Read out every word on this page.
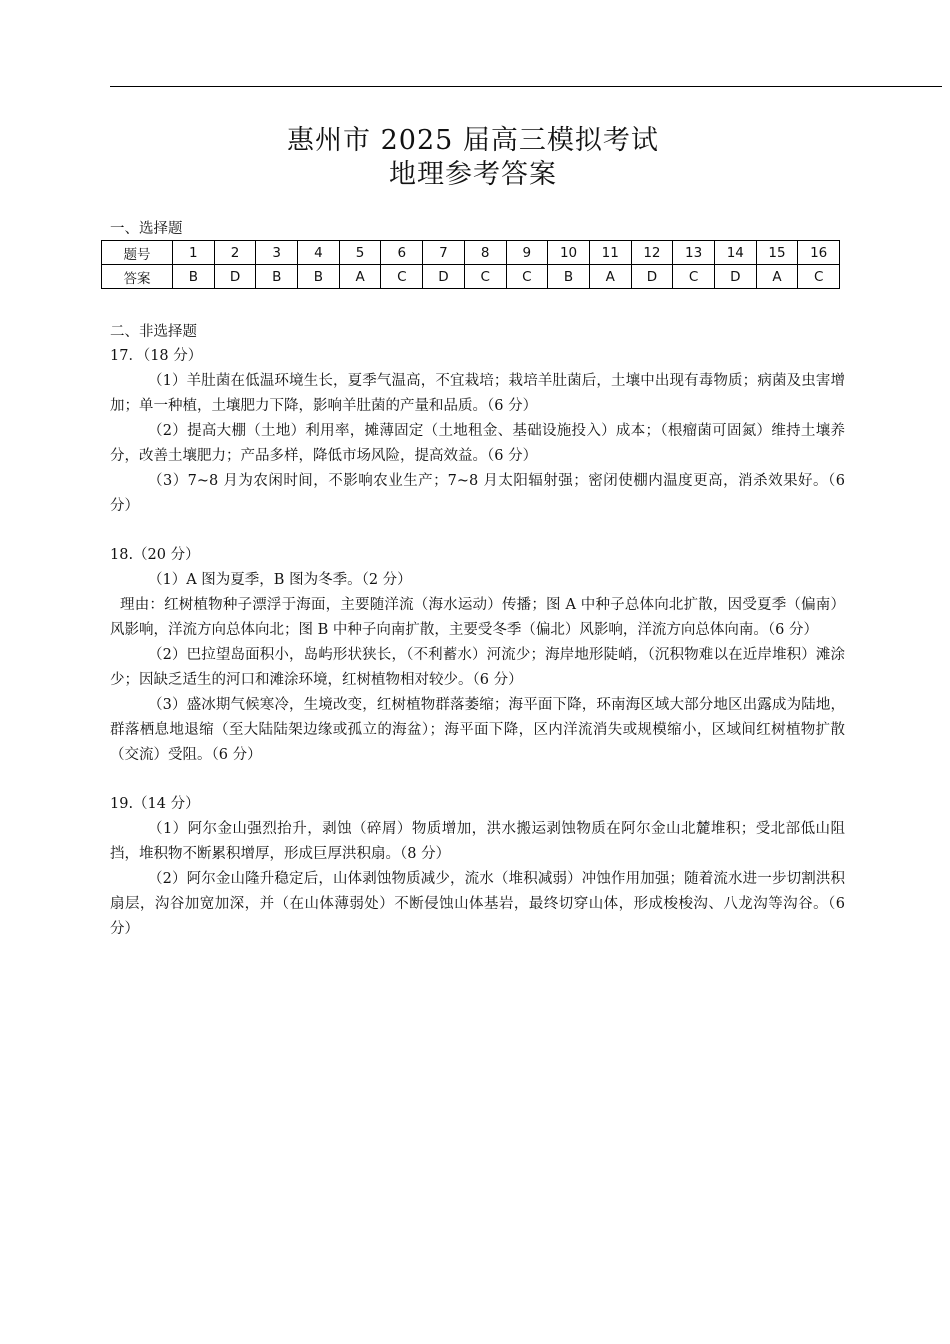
惠州市 2025 届高三模拟考试
地理参考答案
一、选择题
题号	1	2	3	4	5	6	7	8	9	10	11	12	13	14	15	16
答案	B	D	B	B	A	C	D	C	C	B	A	D	C	D	A	C
二、非选择题

17．（18 分）

（1）羊肚菌在低温环境生长，夏季气温高，不宜栽培；栽培羊肚菌后，土壤中出现有毒物质；病菌及虫害增加；单一种植，土壤肥力下降，影响羊肚菌的产量和品质。（6 分）

（2）提高大棚（土地）利用率，摊薄固定（土地租金、基础设施投入）成本；（根瘤菌可固氮）维持土壤养分，改善土壤肥力；产品多样，降低市场风险，提高效益。（6 分）

（3）7~8 月为农闲时间，不影响农业生产；7~8 月太阳辐射强；密闭使棚内温度更高，消杀效果好。（6 分）

18.（20 分）

（1）A 图为夏季，B 图为冬季。（2 分）

理由：红树植物种子漂浮于海面，主要随洋流（海水运动）传播；图 A 中种子总体向北扩散，因受夏季（偏南）风影响，洋流方向总体向北；图 B 中种子向南扩散，主要受冬季（偏北）风影响，洋流方向总体向南。（6 分）

（2）巴拉望岛面积小，岛屿形状狭长，（不利蓄水）河流少；海岸地形陡峭，（沉积物难以在近岸堆积）滩涂少；因缺乏适生的河口和滩涂环境，红树植物相对较少。（6 分）

（3）盛冰期气候寒冷，生境改变，红树植物群落萎缩；海平面下降，环南海区域大部分地区出露成为陆地，群落栖息地退缩（至大陆陆架边缘或孤立的海盆）；海平面下降，区内洋流消失或规模缩小，区域间红树植物扩散（交流）受阻。（6 分）

19.（14 分）

（1）阿尔金山强烈抬升，剥蚀（碎屑）物质增加，洪水搬运剥蚀物质在阿尔金山北麓堆积；受北部低山阻挡，堆积物不断累积增厚，形成巨厚洪积扇。（8 分）

（2）阿尔金山隆升稳定后，山体剥蚀物质减少，流水（堆积减弱）冲蚀作用加强；随着流水进一步切割洪积扇层，沟谷加宽加深，并（在山体薄弱处）不断侵蚀山体基岩，最终切穿山体，形成梭梭沟、八龙沟等沟谷。（6 分）
